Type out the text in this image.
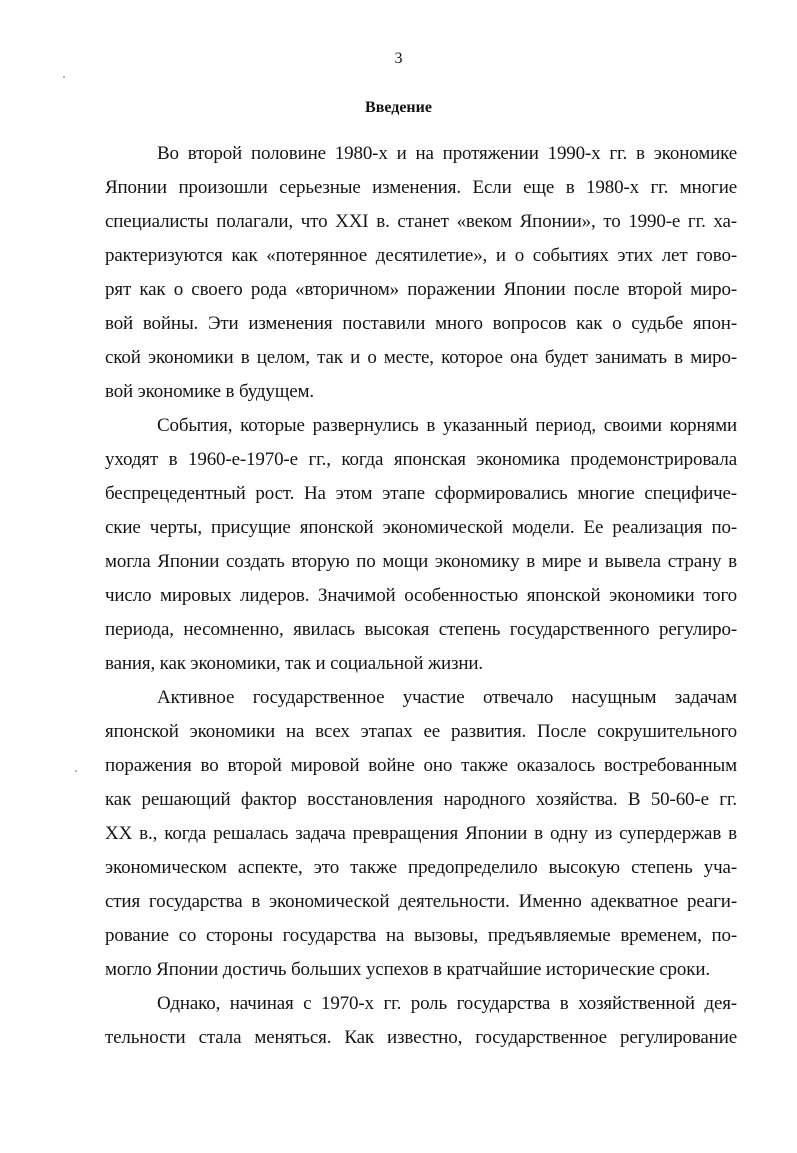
3
Введение
Во второй половине 1980-х и на протяжении 1990-х гг. в экономике
Японии произошли серьезные изменения. Если еще в 1980-х гг. многие
специалисты полагали, что XXI в. станет «веком Японии», то 1990-е гг. ха-
рактеризуются как «потерянное десятилетие», и о событиях этих лет гово-
рят как о своего рода «вторичном» поражении Японии после второй миро-
вой войны. Эти изменения поставили много вопросов как о судьбе япон-
ской экономики в целом, так и о месте, которое она будет занимать в миро-
вой экономике в будущем.
События, которые развернулись в указанный период, своими корнями
уходят в 1960-е-1970-е гг., когда японская экономика продемонстрировала
беспрецедентный рост. На этом этапе сформировались многие специфиче-
ские черты, присущие японской экономической модели. Ее реализация по-
могла Японии создать вторую по мощи экономику в мире и вывела страну в
число мировых лидеров. Значимой особенностью японской экономики того
периода, несомненно, явилась высокая степень государственного регулиро-
вания, как экономики, так и социальной жизни.
Активное государственное участие отвечало насущным задачам
японской экономики на всех этапах ее развития. После сокрушительного
поражения во второй мировой войне оно также оказалось востребованным
как решающий фактор восстановления народного хозяйства. В 50-60-е гг.
XX в., когда решалась задача превращения Японии в одну из супердержав в
экономическом аспекте, это также предопределило высокую степень уча-
стия государства в экономической деятельности. Именно адекватное реаги-
рование со стороны государства на вызовы, предъявляемые временем, по-
могло Японии достичь больших успехов в кратчайшие исторические сроки.
Однако, начиная с 1970-х гг. роль государства в хозяйственной дея-
тельности стала меняться. Как известно, государственное регулирование
